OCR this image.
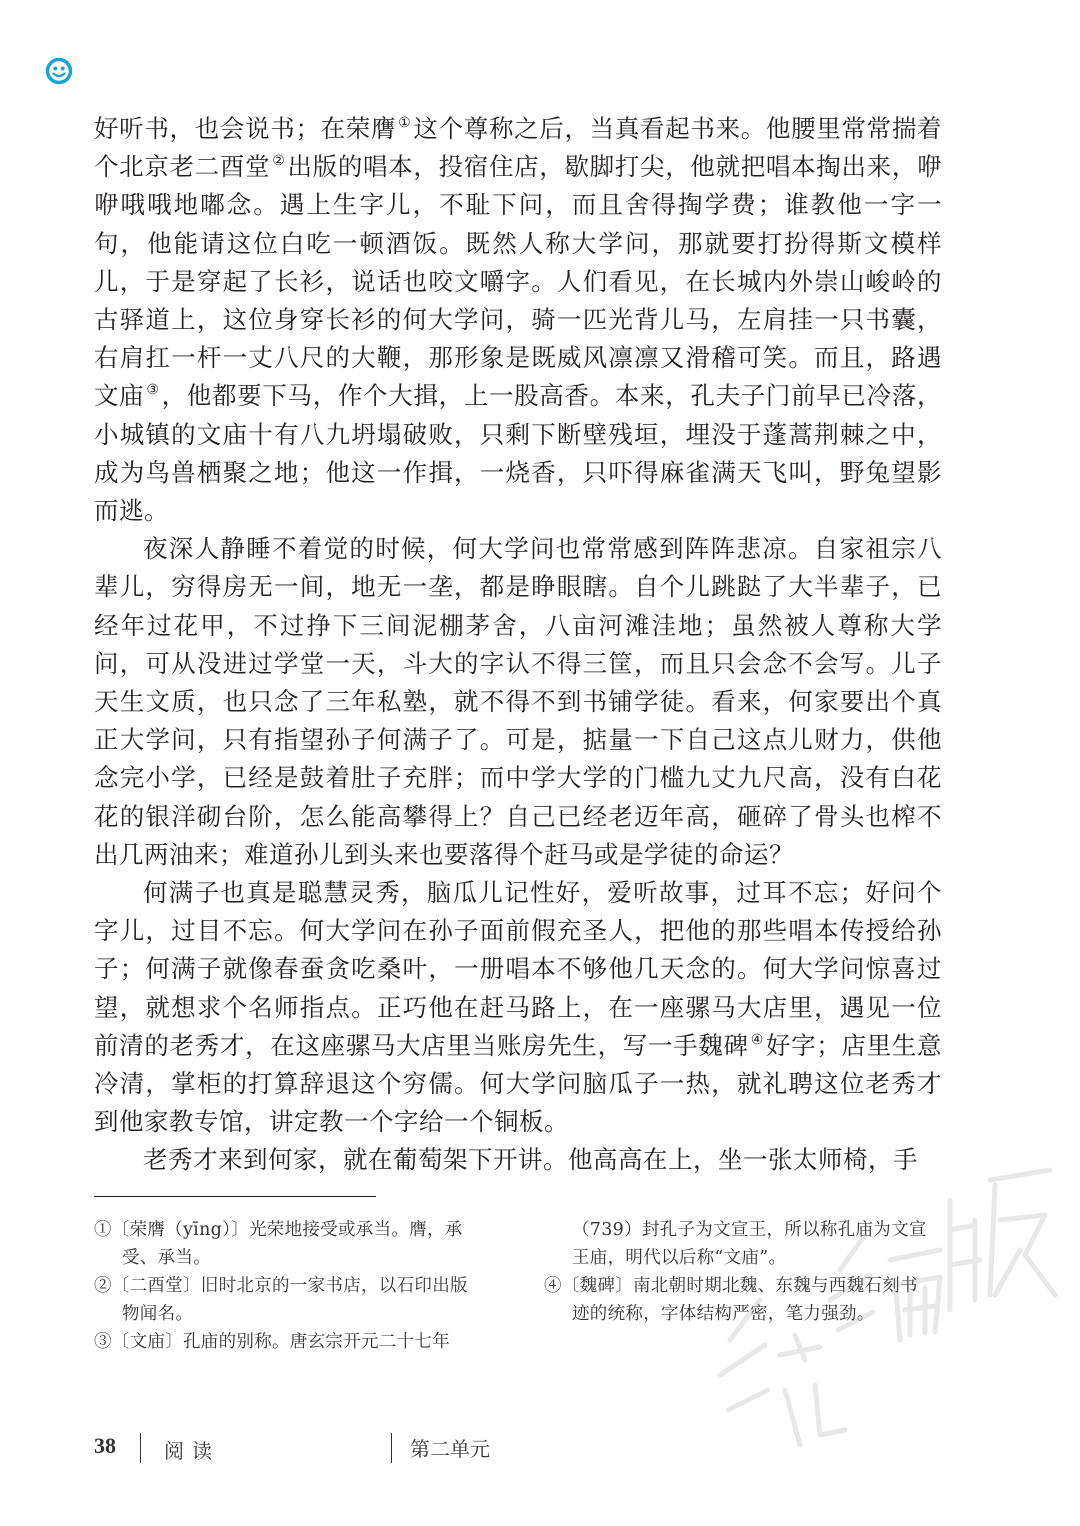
好听书，也会说书；在荣膺 ①这个尊称之后，当真看起书来。他腰里常常揣着个北京老二酉堂 ②出版的唱本，投宿住店，歇脚打尖，他就把唱本掏出来，咿咿哦哦地嘟念。遇上生字儿，不耻下问，而且舍得掏学费；谁教他一字一句，他能请这位白吃一顿酒饭。既然人称大学问，那就要打扮得斯文模样儿，于是穿起了长衫，说话也咬文嚼字。人们看见，在长城内外崇山峻岭的古驿道上，这位身穿长衫的何大学问，骑一匹光背儿马，左肩挂一只书囊，右肩扛一杆一丈八尺的大鞭，那形象是既威风凛凛又滑稽可笑。而且，路遇文庙 ③，他都要下马，作个大揖，上一股高香。本来，孔夫子门前早已冷落，小城镇的文庙十有八九坍塌破败，只剩下断壁残垣，埋没于蓬蒿荆棘之中，成为鸟兽栖聚之地；他这一作揖，一烧香，只吓得麻雀满天飞叫，野兔望影而逃。

夜深人静睡不着觉的时候，何大学问也常常感到阵阵悲凉。自家祖宗八辈儿，穷得房无一间，地无一垄，都是睁眼瞎。自个儿跳跶了大半辈子，已经年过花甲，不过挣下三间泥棚茅舍，八亩河滩洼地；虽然被人尊称大学问，可从没进过学堂一天，斗大的字认不得三筐，而且只会念不会写。儿子天生文质，也只念了三年私塾，就不得不到书铺学徒。看来，何家要出个真正大学问，只有指望孙子何满子了。可是，掂量一下自己这点儿财力，供他念完小学，已经是鼓着肚子充胖；而中学大学的门槛九丈九尺高，没有白花花的银洋砌台阶，怎么能高攀得上？自己已经老迈年高，砸碎了骨头也榨不出几两油来；难道孙儿到头来也要落得个赶马或是学徒的命运？

何满子也真是聪慧灵秀，脑瓜儿记性好，爱听故事，过耳不忘；好问个字儿，过目不忘。何大学问在孙子面前假充圣人，把他的那些唱本传授给孙子；何满子就像春蚕贪吃桑叶，一册唱本不够他几天念的。何大学问惊喜过望，就想求个名师指点。正巧他在赶马路上，在一座骡马大店里，遇见一位前清的老秀才，在这座骡马大店里当账房先生，写一手魏碑 ④好字；店里生意冷清，掌柜的打算辞退这个穷儒。何大学问脑瓜子一热，就礼聘这位老秀才到他家教专馆，讲定教一个字给一个铜板。

老秀才来到何家，就在葡萄架下开讲。他高高在上，坐一张太师椅，手

①〔荣膺（yīng）〕光荣地接受或承当。膺，承

受、承当。

②〔二酉堂〕旧时北京的一家书店，以石印出版

物闻名。

③〔文庙〕孔庙的别称。唐玄宗开元二十七年

（739）封孔子为文宣王，所以称孔庙为文宣王庙，明代以后称“文庙”。

④〔魏碑〕南北朝时期北魏、东魏与西魏石刻书

迹的统称，字体结构严密，笔力强劲。

38 阅读	第二单元
